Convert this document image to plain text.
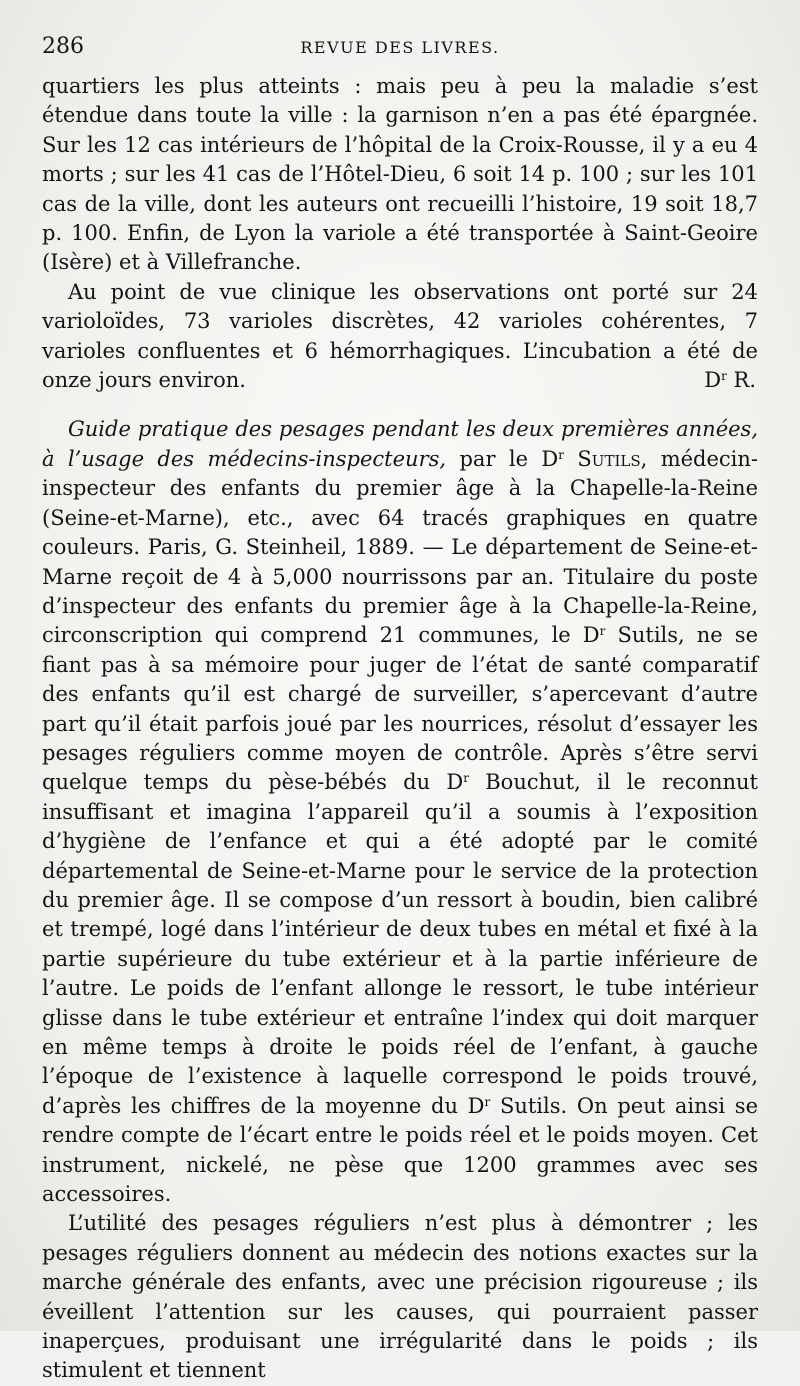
286	REVUE DES LIVRES.

quartiers les plus atteints : mais peu à peu la maladie s’est étendue dans toute la ville : la garnison n’en a pas été épargnée. Sur les 12 cas intérieurs de l’hôpital de la Croix-Rousse, il y a eu 4 morts ; sur les 41 cas de l’Hôtel-Dieu, 6 soit 14 p. 100 ; sur les 101 cas de la ville, dont les auteurs ont recueilli l’histoire, 19 soit 18,7 p. 100. Enfin, de Lyon la variole a été transportée à Saint-Geoire (Isère) et à Villefranche.

Au point de vue clinique les observations ont porté sur 24 varioloïdes, 73 varioles discrètes, 42 varioles cohérentes, 7 varioles confluentes et 6 hémorrhagiques. L’incubation a été de onze jours environ.	$D^r$ R.

Guide pratique des pesages pendant les deux premières années, à l’usage des médecins-inspecteurs, par le $D^r$ Sutils, médecin-inspecteur des enfants du premier âge à la Chapelle-la-Reine (Seine-et-Marne), etc., avec 64 tracés graphiques en quatre couleurs. Paris, G. Steinheil, 1889. — Le département de Seine-et-Marne reçoit de 4 à 5,000 nourrissons par an. Titulaire du poste d’inspecteur des enfants du premier âge à la Chapelle-la-Reine, circonscription qui comprend 21 communes, le $D^r$ Sutils, ne se fiant pas à sa mémoire pour juger de l’état de santé comparatif des enfants qu’il est chargé de surveiller, s’apercevant d’autre part qu’il était parfois joué par les nourrices, résolut d’essayer les pesages réguliers comme moyen de contrôle. Après s’être servi quelque temps du pèse-bébés du $D^r$ Bouchut, il le reconnut insuffisant et imagina l’appareil qu’il a soumis à l’exposition d’hygiène de l’enfance et qui a été adopté par le comité départemental de Seine-et-Marne pour le service de la protection du premier âge. Il se compose d’un ressort à boudin, bien calibré et trempé, logé dans l’intérieur de deux tubes en métal et fixé à la partie supérieure du tube extérieur et à la partie inférieure de l’autre. Le poids de l’enfant allonge le ressort, le tube intérieur glisse dans le tube extérieur et entraîne l’index qui doit marquer en même temps à droite le poids réel de l’enfant, à gauche l’époque de l’existence à laquelle correspond le poids trouvé, d’après les chiffres de la moyenne du $D^r$ Sutils. On peut ainsi se rendre compte de l’écart entre le poids réel et le poids moyen. Cet instrument, nickelé, ne pèse que 1200 grammes avec ses accessoires.

L’utilité des pesages réguliers n’est plus à démontrer ; les pesages réguliers donnent au médecin des notions exactes sur la marche générale des enfants, avec une précision rigoureuse ; ils éveillent l’attention sur les causes, qui pourraient passer inaperçues, produisant une irrégularité dans le poids ; ils stimulent et tiennent
